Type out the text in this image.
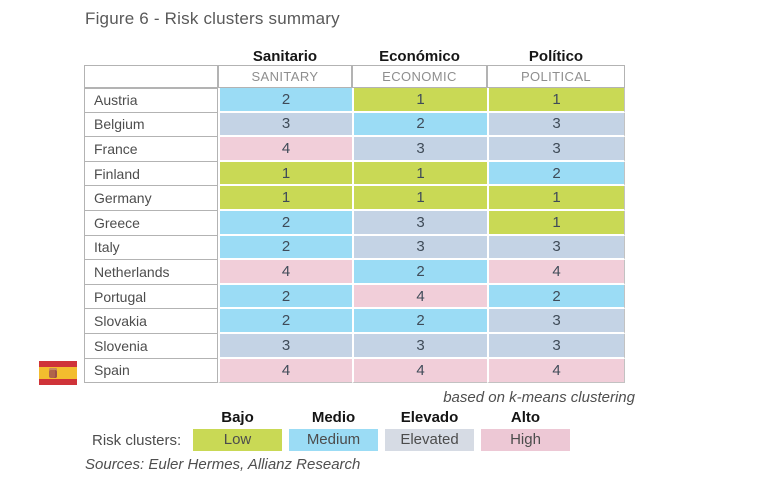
Figure 6 - Risk clusters summary
	Sanitario	Económico	Político
	SANITARY	ECONOMIC	POLITICAL
Austria	2	1	1
Belgium	3	2	3
France	4	3	3
Finland	1	1	2
Germany	1	1	1
Greece	2	3	1
Italy	2	3	3
Netherlands	4	2	4
Portugal	2	4	2
Slovakia	2	2	3
Slovenia	3	3	3
Spain	4	4	4
based on k-means clustering
Bajo	Medio	Elevado	Alto
Low	Medium	Elevated	High
Risk clusters:
Sources: Euler Hermes, Allianz Research
